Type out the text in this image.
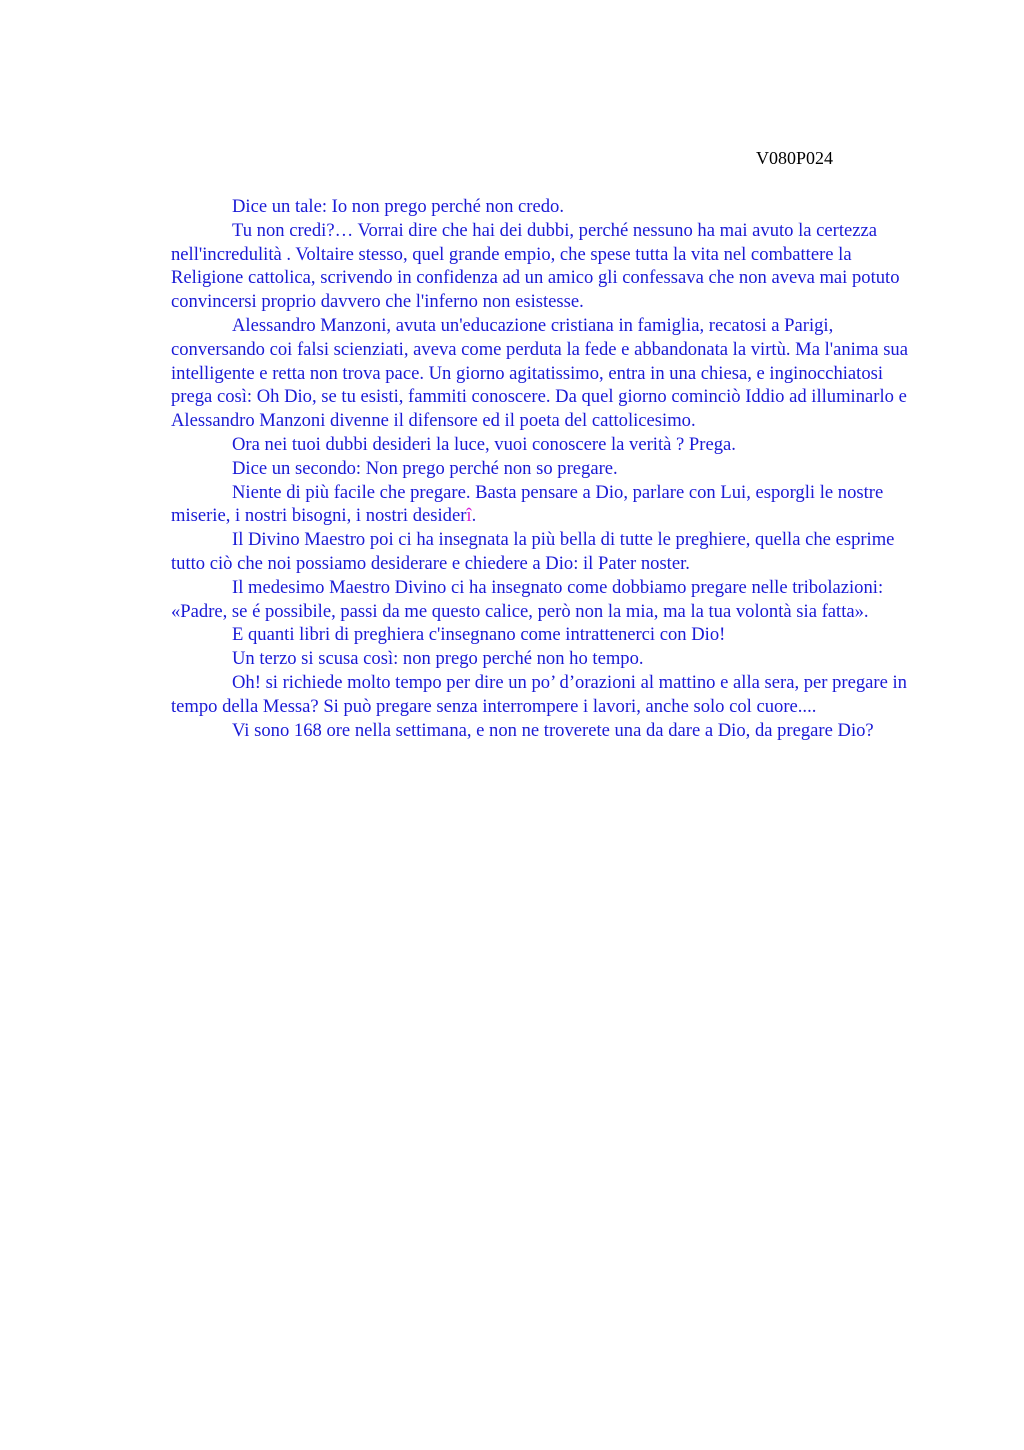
V080P024

Dice un tale: Io non prego perché non credo.

Tu non credi?… Vorrai dire che hai dei dubbi, perché nessuno ha mai avuto la certezza nell'incredulità . Voltaire stesso, quel grande empio, che spese tutta la vita nel combattere la Religione cattolica, scrivendo in confidenza ad un amico gli confessava che non aveva mai potuto convincersi proprio davvero che l'inferno non esistesse.

Alessandro Manzoni, avuta un'educazione cristiana in famiglia, recatosi a Parigi, conversando coi falsi scienziati, aveva come perduta la fede e abbandonata la virtù. Ma l'anima sua intelligente e retta non trova pace. Un giorno agitatissimo, entra in una chiesa, e inginocchiatosi prega così: Oh Dio, se tu esisti, fammiti conoscere. Da quel giorno cominciò Iddio ad illuminarlo e Alessandro Manzoni divenne il difensore ed il poeta del cattolicesimo.

Ora nei tuoi dubbi desideri la luce, vuoi conoscere la verità ? Prega.

Dice un secondo: Non prego perché non so pregare.

Niente di più facile che pregare. Basta pensare a Dio, parlare con Lui, esporgli le nostre miserie, i nostri bisogni, i nostri desiderî.

Il Divino Maestro poi ci ha insegnata la più bella di tutte le preghiere, quella che esprime tutto ciò che noi possiamo desiderare e chiedere a Dio: il Pater noster.

Il medesimo Maestro Divino ci ha insegnato come dobbiamo pregare nelle tribolazioni: «Padre, se é possibile, passi da me questo calice, però non la mia, ma la tua volontà sia fatta».

E quanti libri di preghiera c'insegnano come intrattenerci con Dio!

Un terzo si scusa così: non prego perché non ho tempo.

Oh! si richiede molto tempo per dire un po’ d’orazioni al mattino e alla sera, per pregare in tempo della Messa? Si può pregare senza interrompere i lavori, anche solo col cuore....

Vi sono 168 ore nella settimana, e non ne troverete una da dare a Dio, da pregare Dio?
